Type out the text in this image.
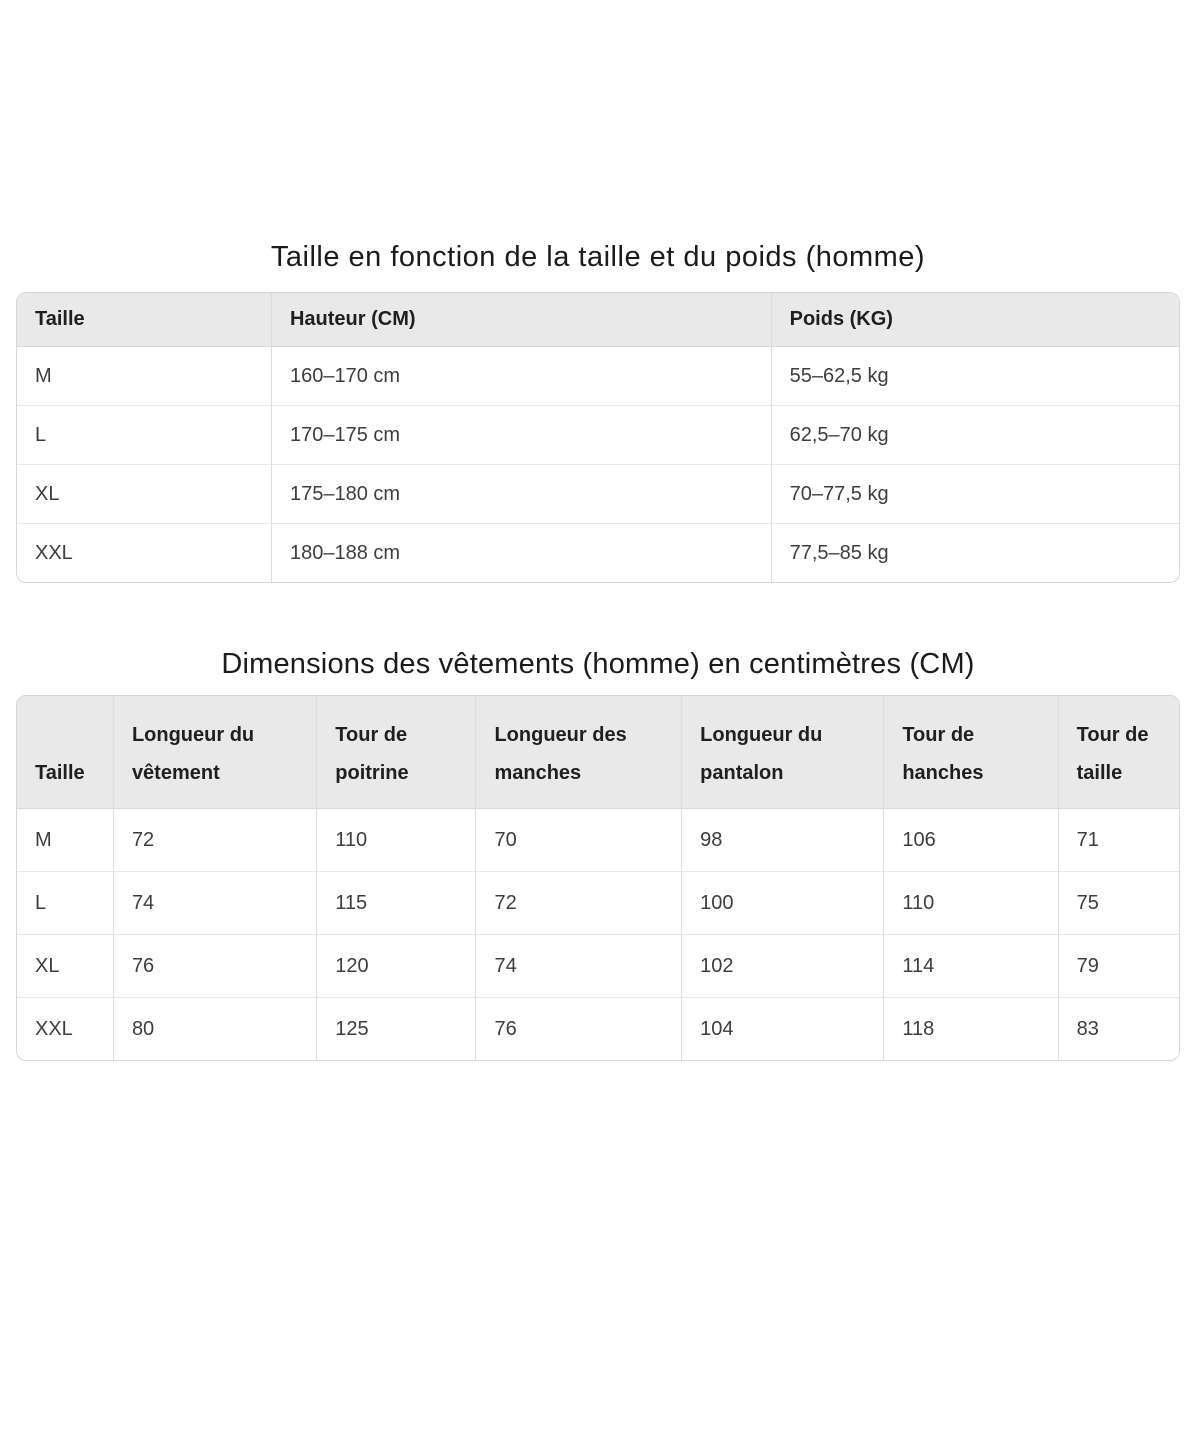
Taille en fonction de la taille et du poids (homme)
Taille	Hauteur (CM)	Poids (KG)
M	160–170 cm	55–62,5 kg
L	170–175 cm	62,5–70 kg
XL	175–180 cm	70–77,5 kg
XXL	180–188 cm	77,5–85 kg
Dimensions des vêtements (homme) en centimètres (CM)
Taille	Longueur du vêtement	Tour de poitrine	Longueur des manches	Longueur du pantalon	Tour de hanches	Tour de taille
M	72	110	70	98	106	71
L	74	115	72	100	110	75
XL	76	120	74	102	114	79
XXL	80	125	76	104	118	83
